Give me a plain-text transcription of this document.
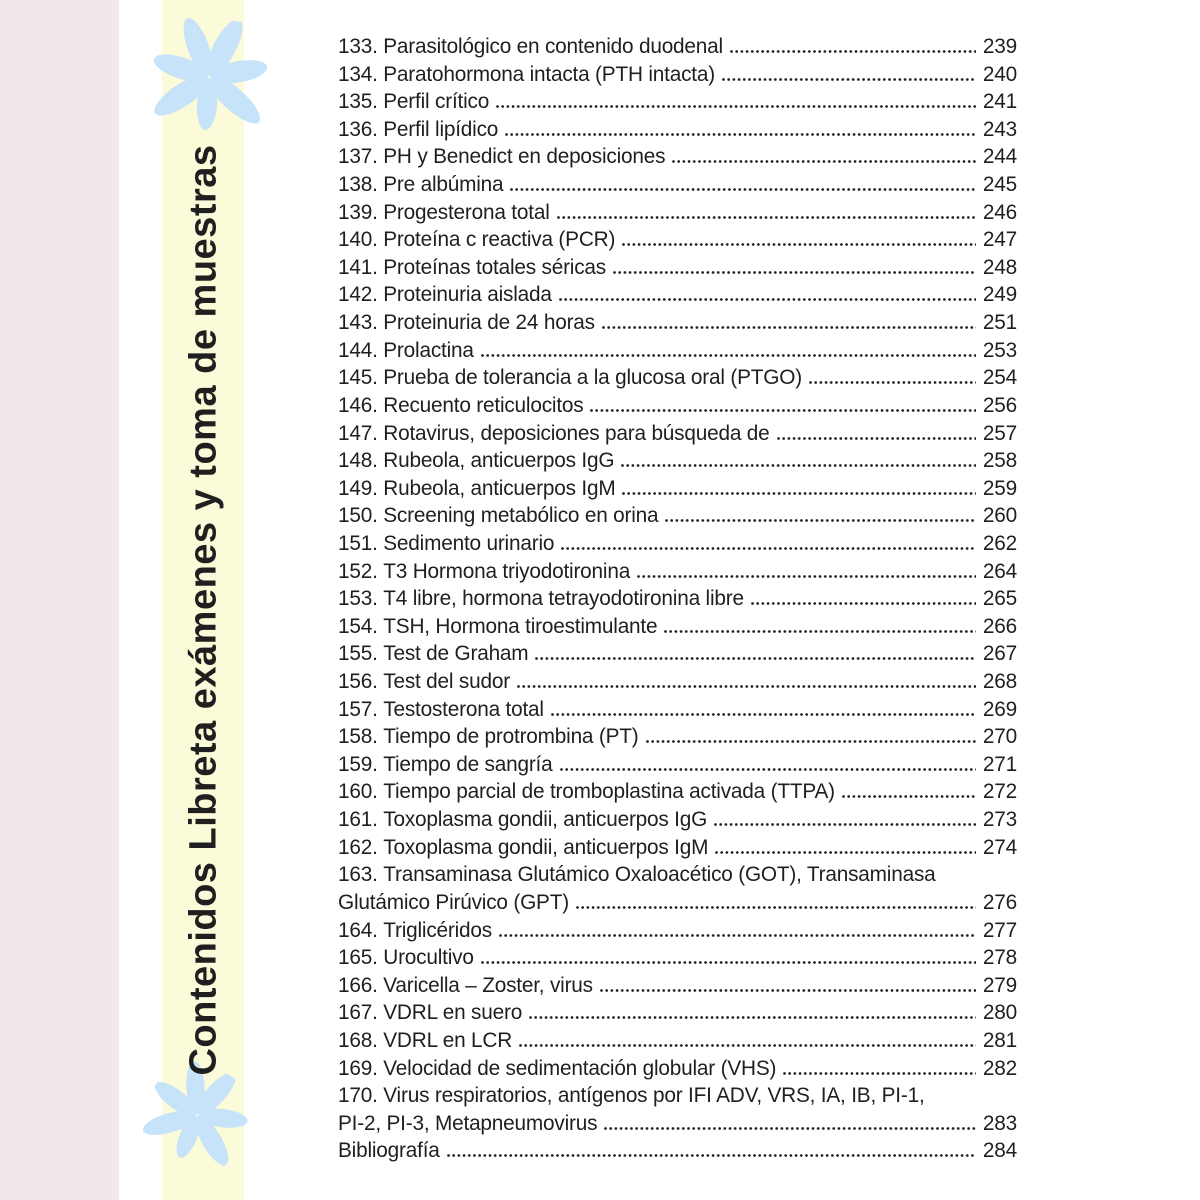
Contenidos Libreta exámenes y toma de muestras
133.
Parasitológico en contenido duodenal	239
134.
Paratohormona intacta (PTH intacta)	240
135.
Perfil crítico	241
136.
Perfil lipídico	243
137.
PH y Benedict en deposiciones	244
138.
Pre albúmina	245
139.
Progesterona total	246
140.
Proteína c reactiva (PCR)	247
141.
Proteínas totales séricas	248
142.
Proteinuria aislada	249
143.
Proteinuria de 24 horas	251
144.
Prolactina	253
145.
Prueba de tolerancia a la glucosa oral (PTGO)	254
146.
Recuento reticulocitos	256
147.
Rotavirus, deposiciones para búsqueda de	257
148.
Rubeola, anticuerpos IgG	258
149.
Rubeola, anticuerpos IgM	259
150.
Screening metabólico en orina	260
151.
Sedimento urinario	262
152.
T3 Hormona triyodotironina	264
153.
T4 libre, hormona tetrayodotironina libre	265
154.
TSH, Hormona tiroestimulante	266
155.
Test de Graham	267
156.
Test del sudor	268
157.
Testosterona total	269
158.
Tiempo de protrombina (PT)	270
159.
Tiempo de sangría	271
160.
Tiempo parcial de tromboplastina activada (TTPA)	272
161.
Toxoplasma gondii, anticuerpos IgG	273
162.
Toxoplasma gondii, anticuerpos IgM	274
163.
Transaminasa Glutámico Oxaloacético (GOT), Transaminasa
Glutámico Pirúvico (GPT)	276
164.
Triglicéridos	277
165.
Urocultivo	278
166.
Varicella – Zoster, virus	279
167.
VDRL en suero	280
168.
VDRL en LCR	281
169.
Velocidad de sedimentación globular (VHS)	282
170.
Virus respiratorios, antígenos por IFI ADV, VRS, IA, IB, PI-1,
PI-2, PI-3, Metapneumovirus	283
Bibliografía	284
